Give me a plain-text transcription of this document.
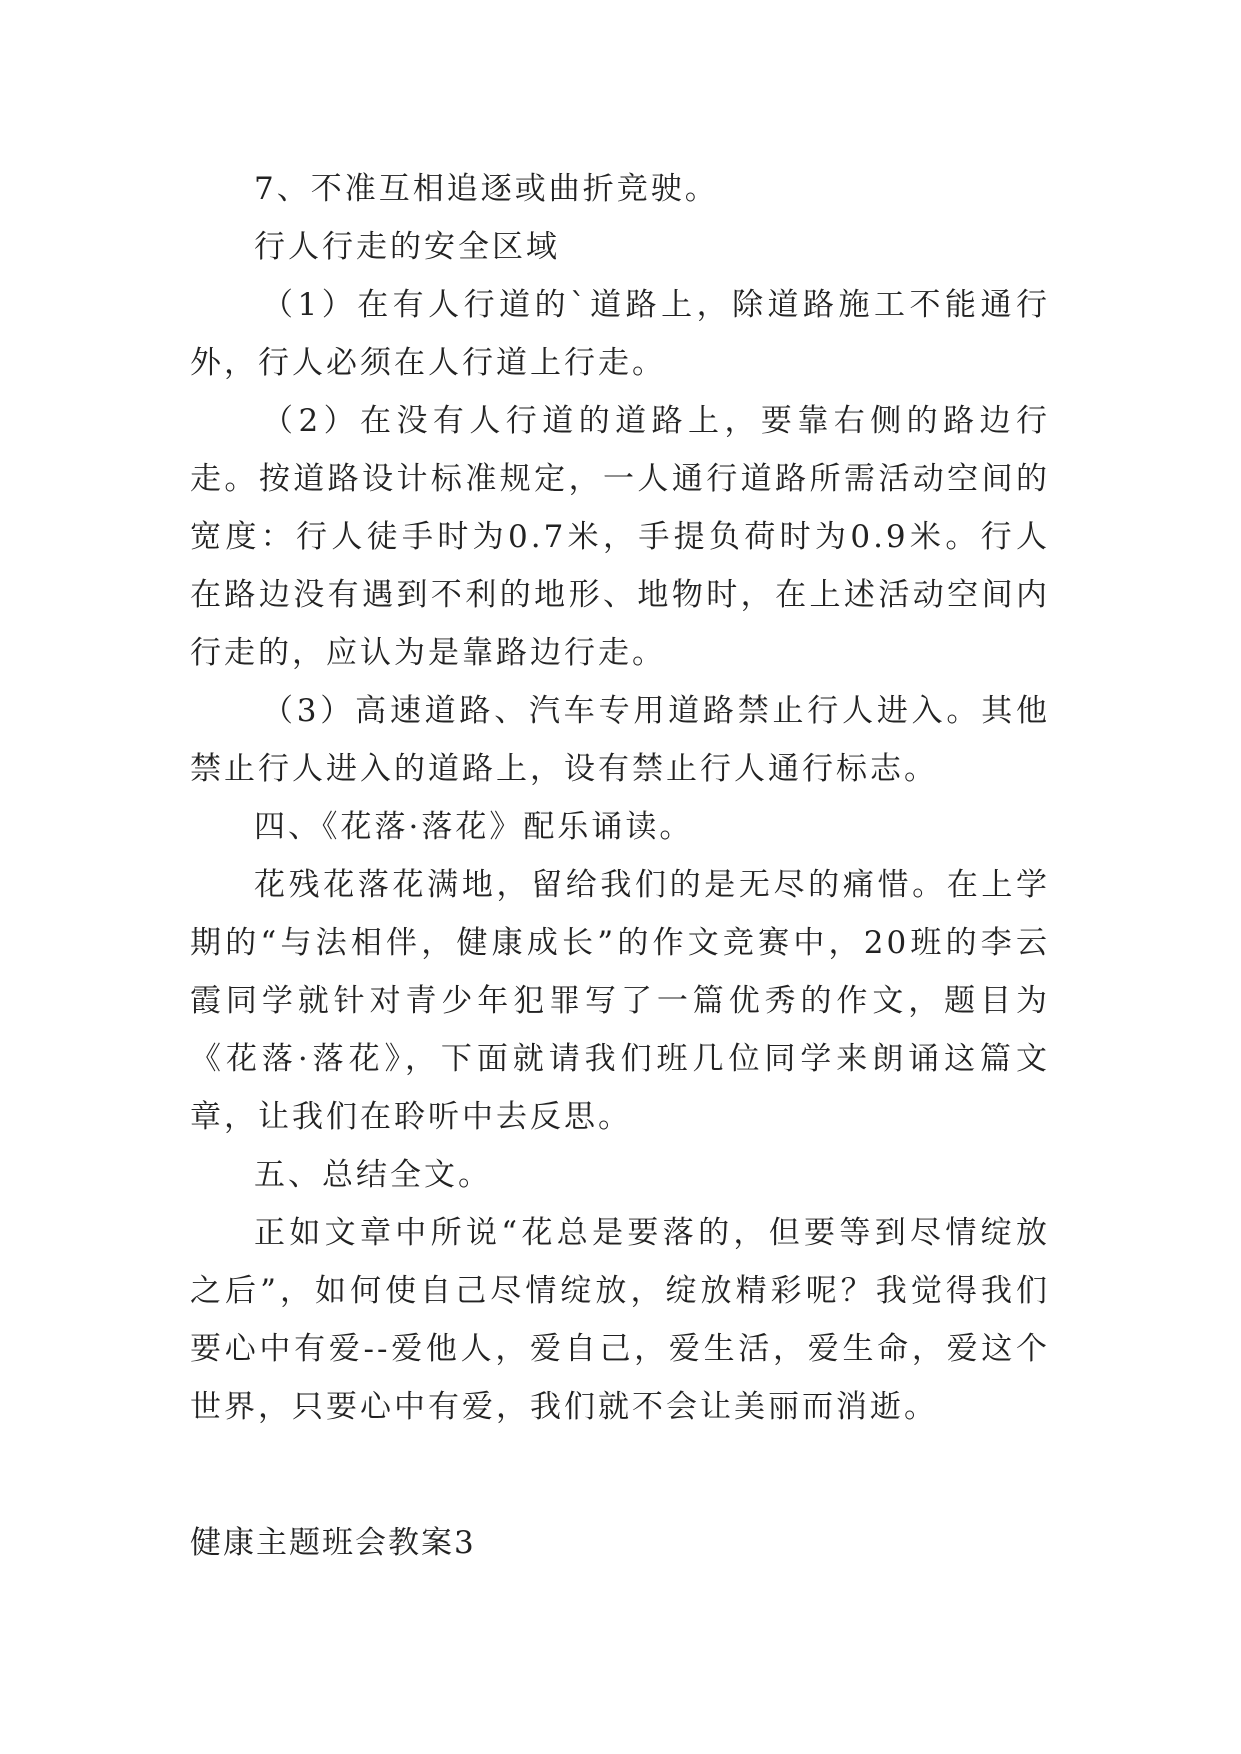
7、不准互相追逐或曲折竞驶。

行人行走的安全区域

（1）在有人行道的`道路上，除道路施工不能通行外，行人必须在人行道上行走。

（2）在没有人行道的道路上，要靠右侧的路边行走。按道路设计标准规定，一人通行道路所需活动空间的宽度：行人徒手时为0.7米，手提负荷时为0.9米。行人在路边没有遇到不利的地形、地物时，在上述活动空间内行走的，应认为是靠路边行走。

（3）高速道路、汽车专用道路禁止行人进入。其他禁止行人进入的道路上，设有禁止行人通行标志。

四、《花落·落花》配乐诵读。

花残花落花满地，留给我们的是无尽的痛惜。在上学期的“与法相伴，健康成长”的作文竞赛中，20班的李云霞同学就针对青少年犯罪写了一篇优秀的作文，题目为《花落·落花》，下面就请我们班几位同学来朗诵这篇文章，让我们在聆听中去反思。

五、总结全文。

正如文章中所说“花总是要落的，但要等到尽情绽放之后”，如何使自己尽情绽放，绽放精彩呢？我觉得我们要心中有爱--爱他人，爱自己，爱生活，爱生命，爱这个世界，只要心中有爱，我们就不会让美丽而消逝。

健康主题班会教案3
